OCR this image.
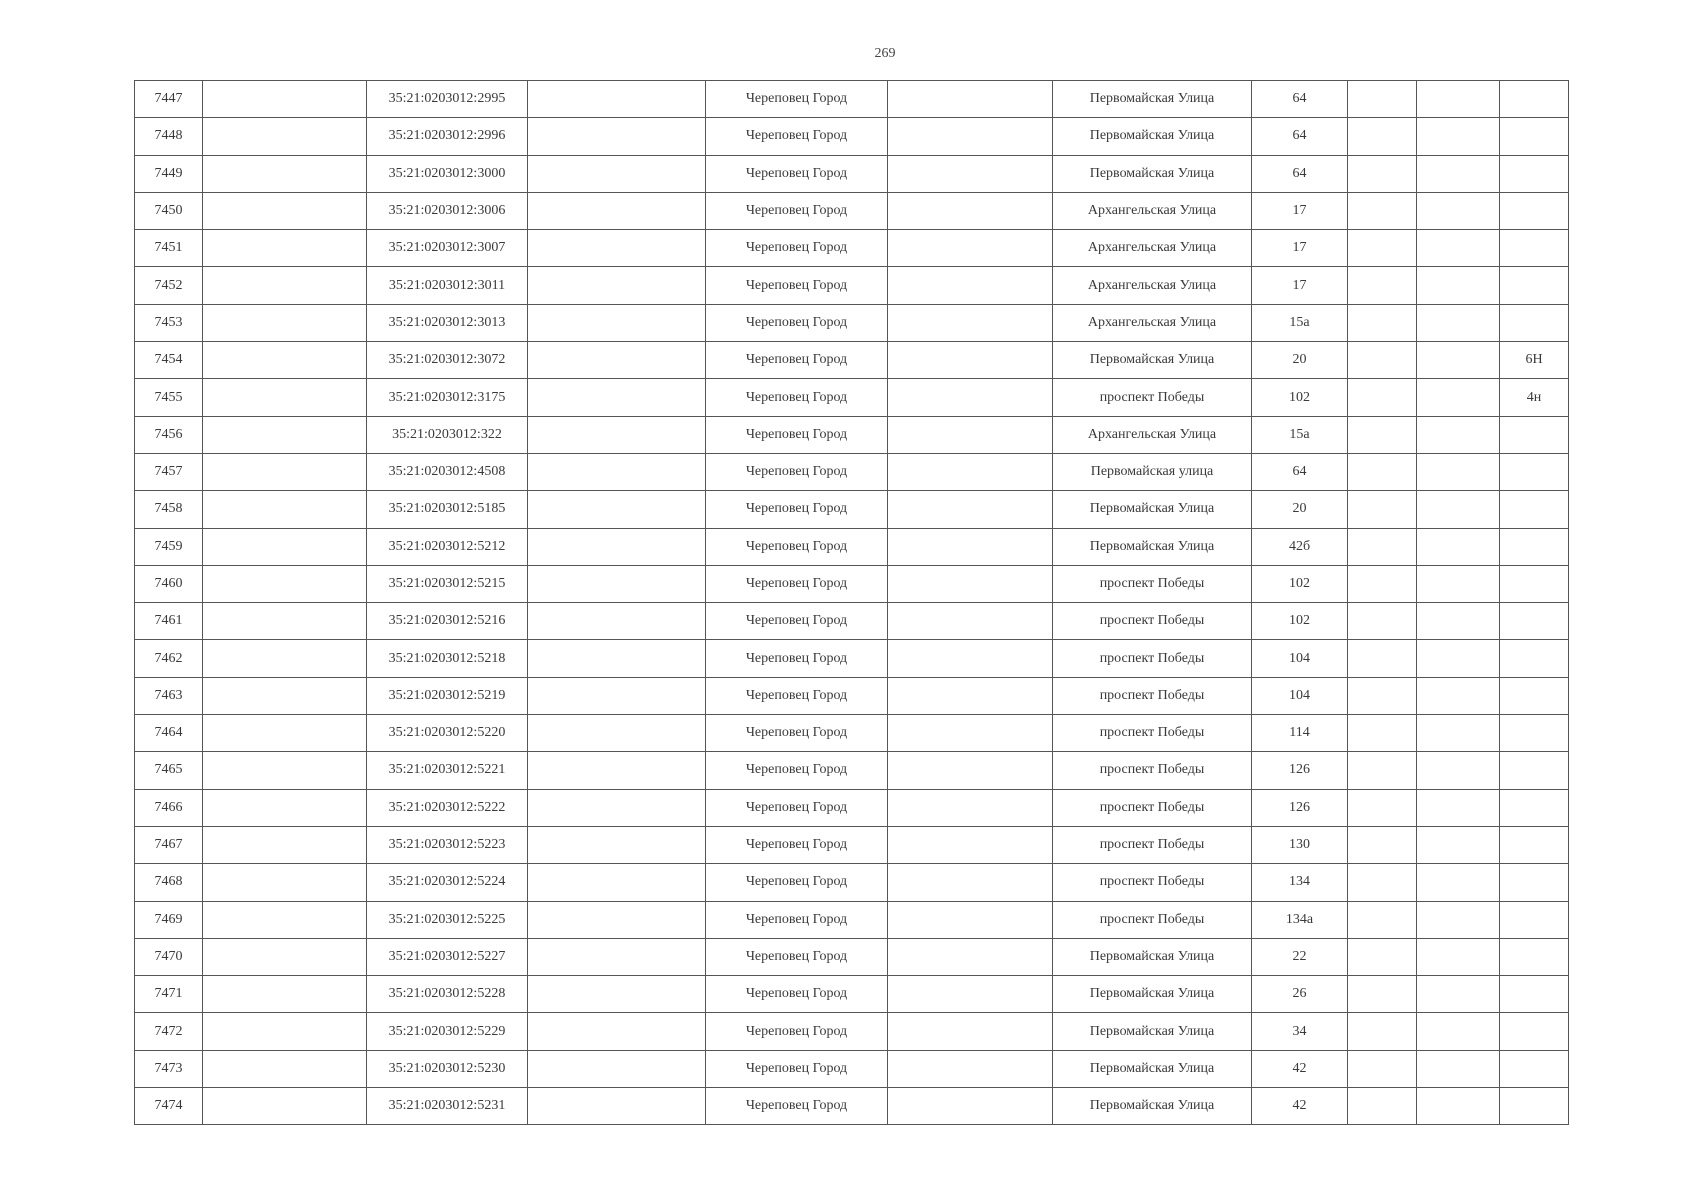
269
7447		35:21:0203012:2995		Череповец Город		Первомайская Улица	64			
7448		35:21:0203012:2996		Череповец Город		Первомайская Улица	64			
7449		35:21:0203012:3000		Череповец Город		Первомайская Улица	64			
7450		35:21:0203012:3006		Череповец Город		Архангельская Улица	17			
7451		35:21:0203012:3007		Череповец Город		Архангельская Улица	17			
7452		35:21:0203012:3011		Череповец Город		Архангельская Улица	17			
7453		35:21:0203012:3013		Череповец Город		Архангельская Улица	15а			
7454		35:21:0203012:3072		Череповец Город		Первомайская Улица	20			6Н
7455		35:21:0203012:3175		Череповец Город		проспект Победы	102			4н
7456		35:21:0203012:322		Череповец Город		Архангельская Улица	15а			
7457		35:21:0203012:4508		Череповец Город		Первомайская улица	64			
7458		35:21:0203012:5185		Череповец Город		Первомайская Улица	20			
7459		35:21:0203012:5212		Череповец Город		Первомайская Улица	42б			
7460		35:21:0203012:5215		Череповец Город		проспект Победы	102			
7461		35:21:0203012:5216		Череповец Город		проспект Победы	102			
7462		35:21:0203012:5218		Череповец Город		проспект Победы	104			
7463		35:21:0203012:5219		Череповец Город		проспект Победы	104			
7464		35:21:0203012:5220		Череповец Город		проспект Победы	114			
7465		35:21:0203012:5221		Череповец Город		проспект Победы	126			
7466		35:21:0203012:5222		Череповец Город		проспект Победы	126			
7467		35:21:0203012:5223		Череповец Город		проспект Победы	130			
7468		35:21:0203012:5224		Череповец Город		проспект Победы	134			
7469		35:21:0203012:5225		Череповец Город		проспект Победы	134а			
7470		35:21:0203012:5227		Череповец Город		Первомайская Улица	22			
7471		35:21:0203012:5228		Череповец Город		Первомайская Улица	26			
7472		35:21:0203012:5229		Череповец Город		Первомайская Улица	34			
7473		35:21:0203012:5230		Череповец Город		Первомайская Улица	42			
7474		35:21:0203012:5231		Череповец Город		Первомайская Улица	42			
